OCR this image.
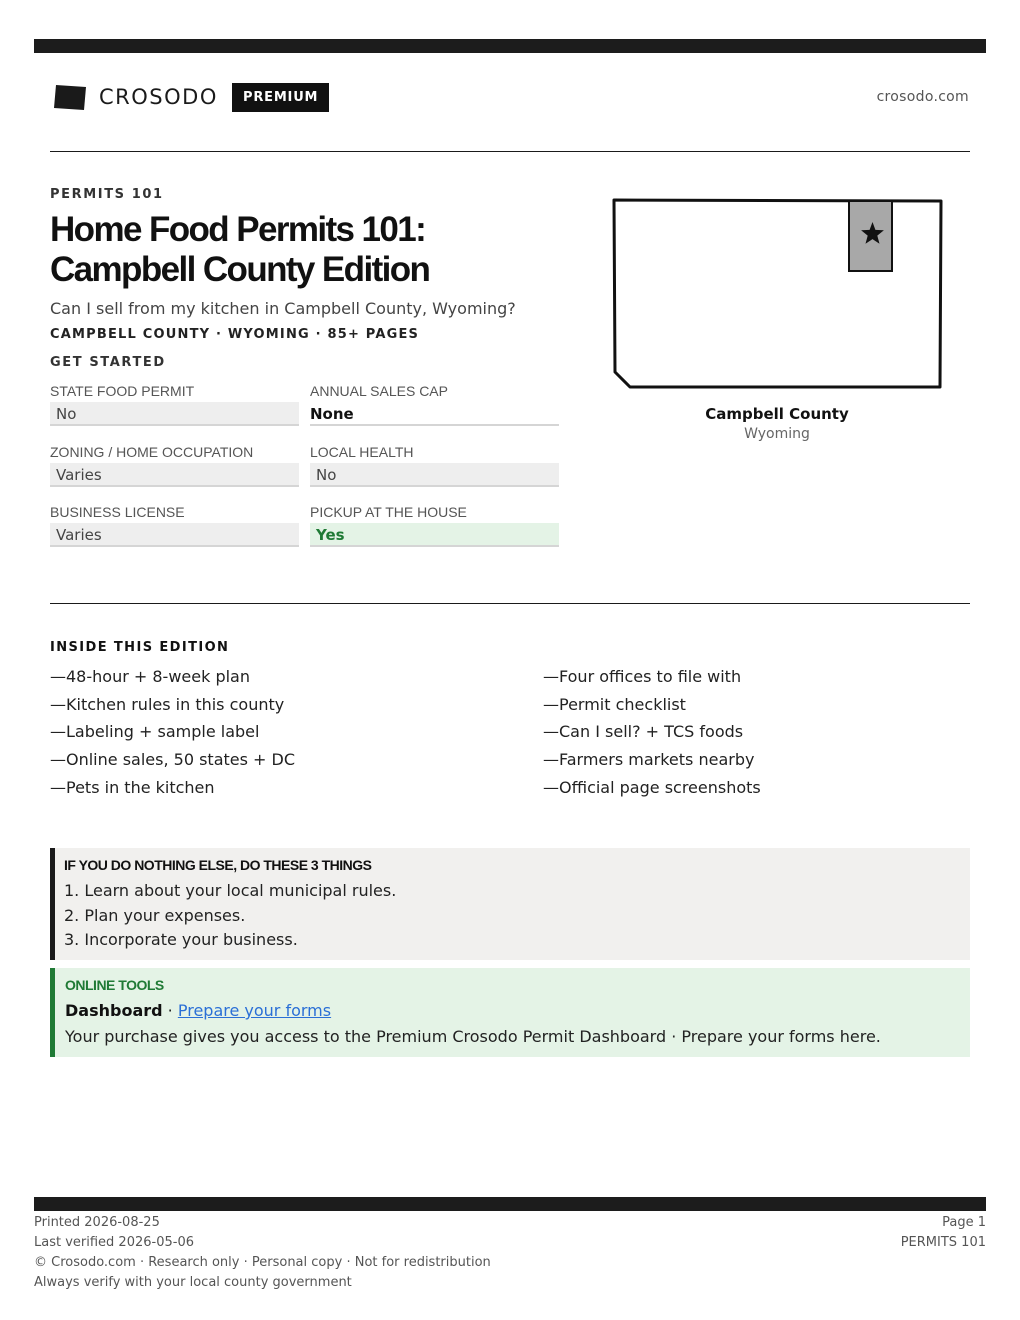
CROSODO	PREMIUM	crosodo.com
PERMITS 101
Home Food Permits 101:
Campbell County Edition
Can I sell from my kitchen in Campbell County, Wyoming?
CAMPBELL COUNTY · WYOMING · 85+ PAGES
GET STARTED
STATE FOOD PERMIT
No
ANNUAL SALES CAP
None
ZONING / HOME OCCUPATION
Varies
LOCAL HEALTH
No
BUSINESS LICENSE
Varies
PICKUP AT THE HOUSE
Yes
Campbell County
Wyoming
INSIDE THIS EDITION
—48-hour + 8-week plan
—Kitchen rules in this county
—Labeling + sample label
—Online sales, 50 states + DC
—Pets in the kitchen
—Four offices to file with
—Permit checklist
—Can I sell? + TCS foods
—Farmers markets nearby
—Official page screenshots
IF YOU DO NOTHING ELSE, DO THESE 3 THINGS
1. Learn about your local municipal rules.
2. Plan your expenses.
3. Incorporate your business.
ONLINE TOOLS
Dashboard · Prepare your forms
Your purchase gives you access to the Premium Crosodo Permit Dashboard · Prepare your forms here.
Printed 2026-08-25
Last verified 2026-05-06
© Crosodo.com · Research only · Personal copy · Not for redistribution
Always verify with your local county government
Page 1
PERMITS 101
